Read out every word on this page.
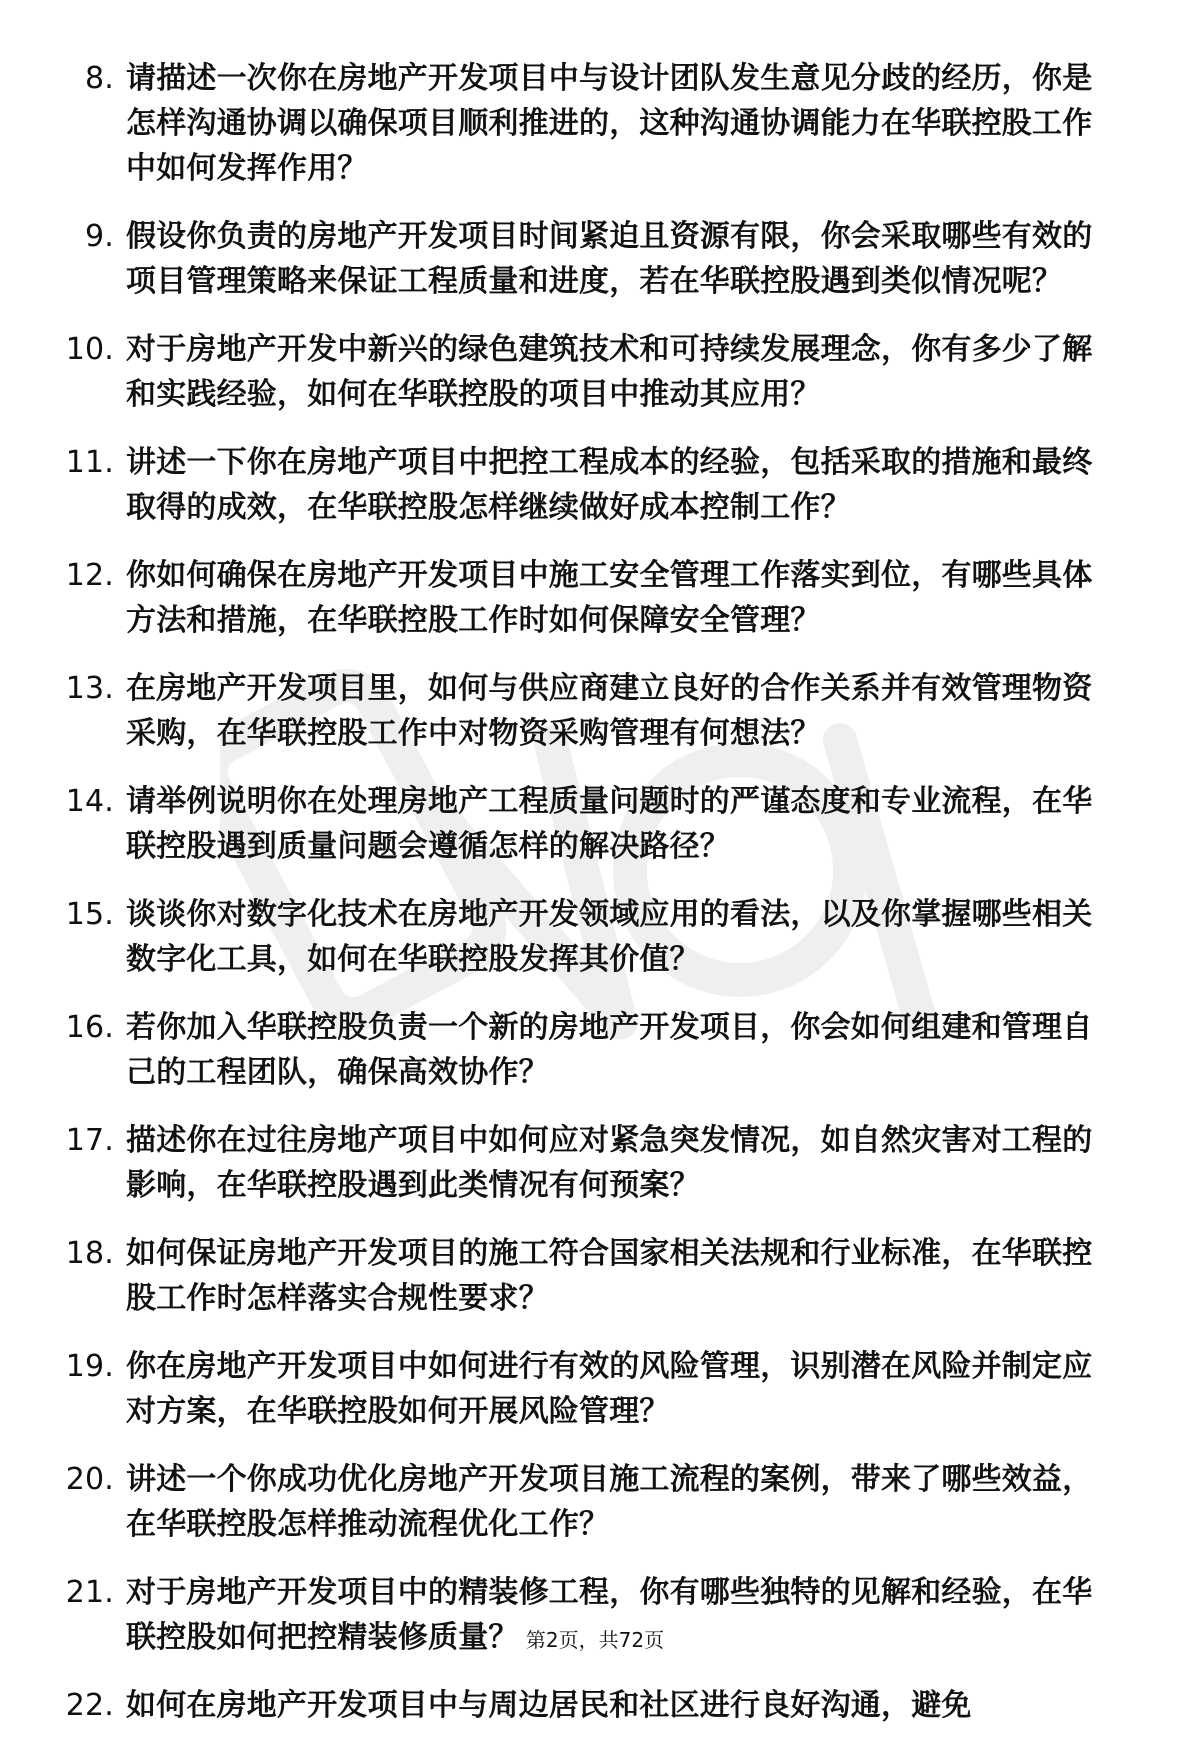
8. 请描述一次你在房地产开发项目中与设计团队发生意见分歧的经历，你是怎样沟通协调以确保项目顺利推进的，这种沟通协调能力在华联控股工作中如何发挥作用？
9. 假设你负责的房地产开发项目时间紧迫且资源有限，你会采取哪些有效的项目管理策略来保证工程质量和进度，若在华联控股遇到类似情况呢？
10. 对于房地产开发中新兴的绿色建筑技术和可持续发展理念，你有多少了解和实践经验，如何在华联控股的项目中推动其应用？
11. 讲述一下你在房地产项目中把控工程成本的经验，包括采取的措施和最终取得的成效，在华联控股怎样继续做好成本控制工作？
12. 你如何确保在房地产开发项目中施工安全管理工作落实到位，有哪些具体方法和措施，在华联控股工作时如何保障安全管理？
13. 在房地产开发项目里，如何与供应商建立良好的合作关系并有效管理物资采购，在华联控股工作中对物资采购管理有何想法？
14. 请举例说明你在处理房地产工程质量问题时的严谨态度和专业流程，在华联控股遇到质量问题会遵循怎样的解决路径？
15. 谈谈你对数字化技术在房地产开发领域应用的看法，以及你掌握哪些相关数字化工具，如何在华联控股发挥其价值？
16. 若你加入华联控股负责一个新的房地产开发项目，你会如何组建和管理自己的工程团队，确保高效协作？
17. 描述你在过往房地产项目中如何应对紧急突发情况，如自然灾害对工程的影响，在华联控股遇到此类情况有何预案？
18. 如何保证房地产开发项目的施工符合国家相关法规和行业标准，在华联控股工作时怎样落实合规性要求？
19. 你在房地产开发项目中如何进行有效的风险管理，识别潜在风险并制定应对方案，在华联控股如何开展风险管理？
20. 讲述一个你成功优化房地产开发项目施工流程的案例，带来了哪些效益，在华联控股怎样推动流程优化工作？
21. 对于房地产开发项目中的精装修工程，你有哪些独特的见解和经验，在华联控股如何把控精装修质量？
22. 如何在房地产开发项目中与周边居民和社区进行良好沟通，避免
第2页，共72页
